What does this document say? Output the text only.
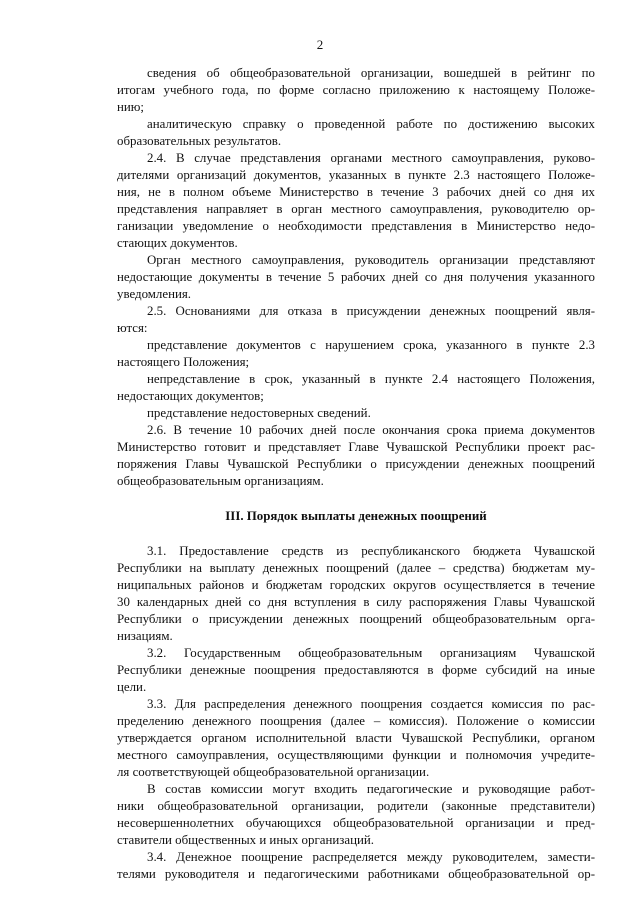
2
сведения об общеобразовательной организации, вошедшей в рейтинг по
итогам учебного года, по форме согласно приложению к настоящему Положе-
нию;
аналитическую справку о проведенной работе по достижению высоких
образовательных результатов.
2.4. В случае представления органами местного самоуправления, руково-
дителями организаций документов, указанных в пункте 2.3 настоящего Положе-
ния, не в полном объеме Министерство в течение 3 рабочих дней со дня их
представления направляет в орган местного самоуправления, руководителю ор-
ганизации уведомление о необходимости представления в Министерство недо-
стающих документов.
Орган местного самоуправления, руководитель организации представляют
недостающие документы в течение 5 рабочих дней со дня получения указанного
уведомления.
2.5. Основаниями для отказа в присуждении денежных поощрений явля-
ются:
представление документов с нарушением срока, указанного в пункте 2.3
настоящего Положения;
непредставление в срок, указанный в пункте 2.4 настоящего Положения,
недостающих документов;
представление недостоверных сведений.
2.6. В течение 10 рабочих дней после окончания срока приема документов
Министерство готовит и представляет Главе Чувашской Республики проект рас-
поряжения Главы Чувашской Республики о присуждении денежных поощрений
общеобразовательным организациям.
III. Порядок выплаты денежных поощрений
3.1. Предоставление средств из республиканского бюджета Чувашской
Республики на выплату денежных поощрений (далее – средства) бюджетам му-
ниципальных районов и бюджетам городских округов осуществляется в течение
30 календарных дней со дня вступления в силу распоряжения Главы Чувашской
Республики о присуждении денежных поощрений общеобразовательным орга-
низациям.
3.2. Государственным общеобразовательным организациям Чувашской
Республики денежные поощрения предоставляются в форме субсидий на иные
цели.
3.3. Для распределения денежного поощрения создается комиссия по рас-
пределению денежного поощрения (далее – комиссия). Положение о комиссии
утверждается органом исполнительной власти Чувашской Республики, органом
местного самоуправления, осуществляющими функции и полномочия учредите-
ля соответствующей общеобразовательной организации.
В состав комиссии могут входить педагогические и руководящие работ-
ники общеобразовательной организации, родители (законные представители)
несовершеннолетних обучающихся общеобразовательной организации и пред-
ставители общественных и иных организаций.
3.4. Денежное поощрение распределяется между руководителем, замести-
телями руководителя и педагогическими работниками общеобразовательной ор-
